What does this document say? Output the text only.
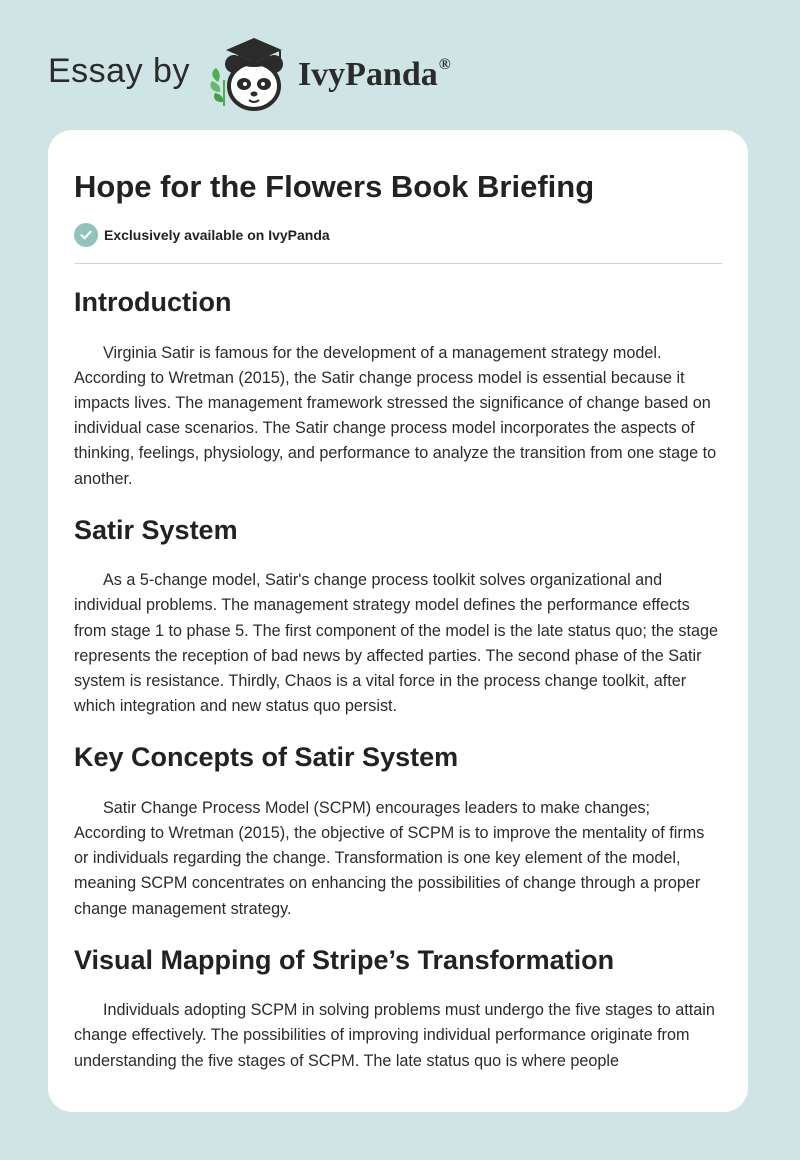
Essay by	IvyPanda®
Hope for the Flowers Book Briefing
Exclusively available on IvyPanda
Introduction

Virginia Satir is famous for the development of a management strategy model. According to Wretman (2015), the Satir change process model is essential because it impacts lives. The management framework stressed the significance of change based on individual case scenarios. The Satir change process model incorporates the aspects of thinking, feelings, physiology, and performance to analyze the transition from one stage to another.

Satir System

As a 5-change model, Satir's change process toolkit solves organizational and individual problems. The management strategy model defines the performance effects from stage 1 to phase 5. The first component of the model is the late status quo; the stage represents the reception of bad news by affected parties. The second phase of the Satir system is resistance. Thirdly, Chaos is a vital force in the process change toolkit, after which integration and new status quo persist.

Key Concepts of Satir System

Satir Change Process Model (SCPM) encourages leaders to make changes; According to Wretman (2015), the objective of SCPM is to improve the mentality of firms or individuals regarding the change. Transformation is one key element of the model, meaning SCPM concentrates on enhancing the possibilities of change through a proper change management strategy.

Visual Mapping of Stripe’s Transformation

Individuals adopting SCPM in solving problems must undergo the five stages to attain change effectively. The possibilities of improving individual performance originate from understanding the five stages of SCPM. The late status quo is where people
